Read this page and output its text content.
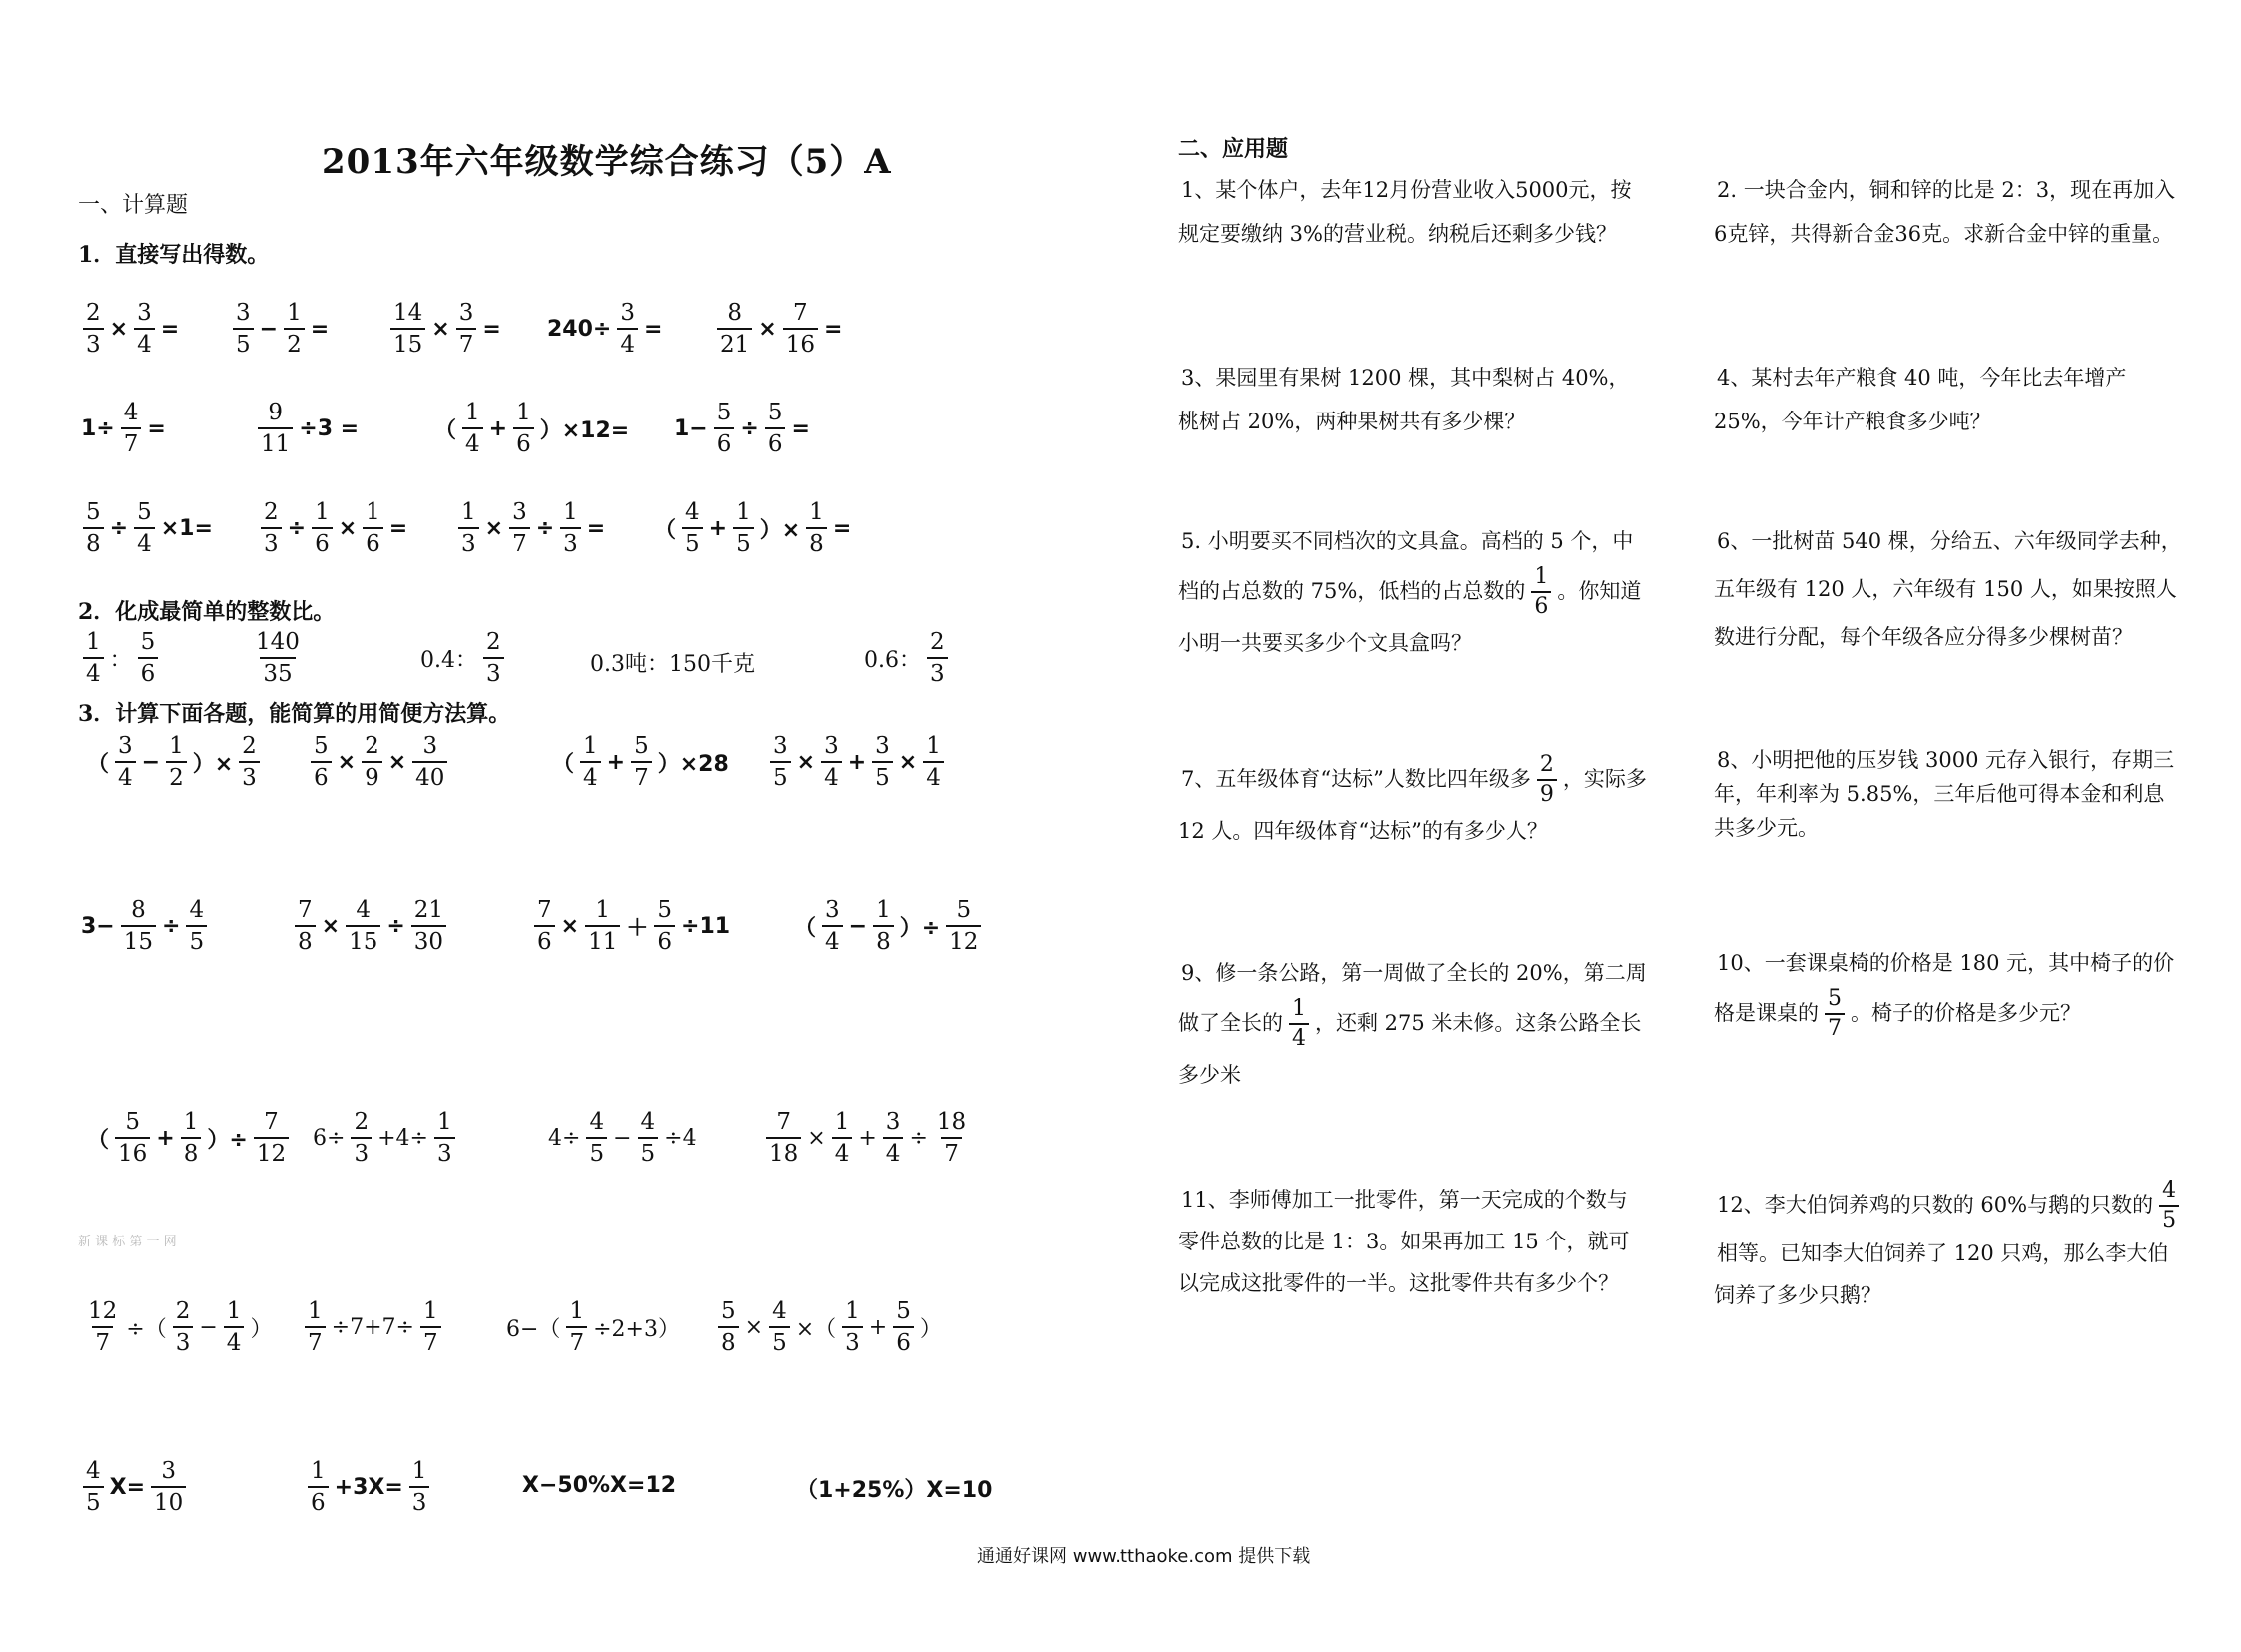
2013年六年级数学综合练习（5）A
一、计算题
1．直接写出得数。
2．化成最简单的整数比。
3．计算下面各题，能简算的用简便方法算。
新 课 标 第 一 网
二、应用题
通通好课网 www.tthaoke.com 提供下载
$\frac{2}{3} \times \frac{3}{4} = \frac{3}{5} - \frac{1}{2}$ =	$\frac{14}{15} \times \frac{3}{7} = 240\div \frac{3}{4} = \frac{8}{21} \times \frac{7}{16}$ =
$1\div \frac{4}{7}$ =	$\frac{9}{11} \div 3$ =	（ $\frac{1}{4} + \frac{1}{6} )\times 12= 1- \frac{5}{6} \div \frac{5}{6}$ =
$\frac{5}{8} \div \frac{5}{4} \times 1= \frac{2}{3} \div \frac{1}{6} \times \frac{1}{6} = \frac{1}{3} \times \frac{3}{7} \div \frac{1}{3}$ = （ $\frac{4}{5} + \frac{1}{5}$ ）× $\frac{1}{8}$ =
$\frac{1}{4}$ ： $\frac{5}{6}$	$\frac{140}{35}$	0.4： $\frac{2}{3}$	0.3吨：150千克	0.6： $\frac{2}{3}$
（ $\frac{3}{4} - \frac{1}{2}$ ）× $\frac{2}{3} \frac{5}{6} \times \frac{2}{9} \times \frac{3}{40}$	（ $\frac{1}{4} + \frac{5}{7} )\times 28 \frac{3}{5} \times \frac{3}{4} + \frac{3}{5} \times \frac{1}{4}$
$3- \frac{8}{15} \div \frac{4}{5}$	$\frac{7}{8} \times \frac{4}{15} \div \frac{21}{30}$	$\frac{7}{6} \times \frac{1}{11} + \frac{5}{6} \div 11$	（ $\frac{3}{4} - \frac{1}{8}$ ）÷ $\frac{5}{12}$
（ $\frac{5}{16} + \frac{1}{8}$ ）÷ $\frac{7}{12} 6\div \frac{2}{3} +4\div \frac{1}{3}$	$4\div \frac{4}{5} - \frac{4}{5} \div 4$	$\frac{7}{18} \times \frac{1}{4} + \frac{3}{4} \div \frac{18}{7}$
$\frac{12}{7}$ ÷（ $\frac{2}{3} - \frac{1}{4}$ ） $\frac{1}{7} \div 7+7\div \frac{1}{7}$	$6-( \frac{1}{7} \div 2+3) \frac{5}{8} \times \frac{4}{5}$ ×（ $\frac{1}{3} + \frac{5}{6}$ ）
$\frac{4}{5} X= \frac{3}{10}$	$\frac{1}{6} +3X= \frac{1}{3}$	X−50%X=12	（1+25%）X=10
1、某个体户，去年12月份营业收入5000元，按规定要缴纳 3%的营业税。纳税后还剩多少钱？
2. 一块合金内，铜和锌的比是 2：3，现在再加入6克锌，共得新合金36克。求新合金中锌的重量。
3、果园里有果树 1200 棵，其中梨树占 40%，桃树占 20%，两种果树共有多少棵？
4、某村去年产粮食 40 吨，今年比去年增产 25%，今年计产粮食多少吨？
5. 小明要买不同档次的文具盒。高档的 5 个，中档的占总数的 75%，低档的占总数的 $\frac{1}{6}$ 。你知道小明一共要买多少个文具盒吗？
6、一批树苗 540 棵，分给五、六年级同学去种，五年级有 120 人，六年级有 150 人，如果按照人数进行分配，每个年级各应分得多少棵树苗？
7、五年级体育“达标”人数比四年级多 $\frac{2}{9}$ ，实际多 12 人。四年级体育“达标”的有多少人？
8、小明把他的压岁钱 3000 元存入银行，存期三年，年利率为 5.85%，三年后他可得本金和利息共多少元。
9、修一条公路，第一周做了全长的 20%，第二周做了全长的 $\frac{1}{4}$ ，还剩 275 米未修。这条公路全长多少米
10、一套课桌椅的价格是 180 元，其中椅子的价格是课桌的 $\frac{5}{7}$ 。椅子的价格是多少元？
11、李师傅加工一批零件，第一天完成的个数与零件总数的比是 1：3。如果再加工 15 个，就可以完成这批零件的一半。这批零件共有多少个？
12、李大伯饲养鸡的只数的 60%与鹅的只数的 $\frac{4}{5}$
相等。已知李大伯饲养了 120 只鸡，那么李大伯饲养了多少只鹅？
